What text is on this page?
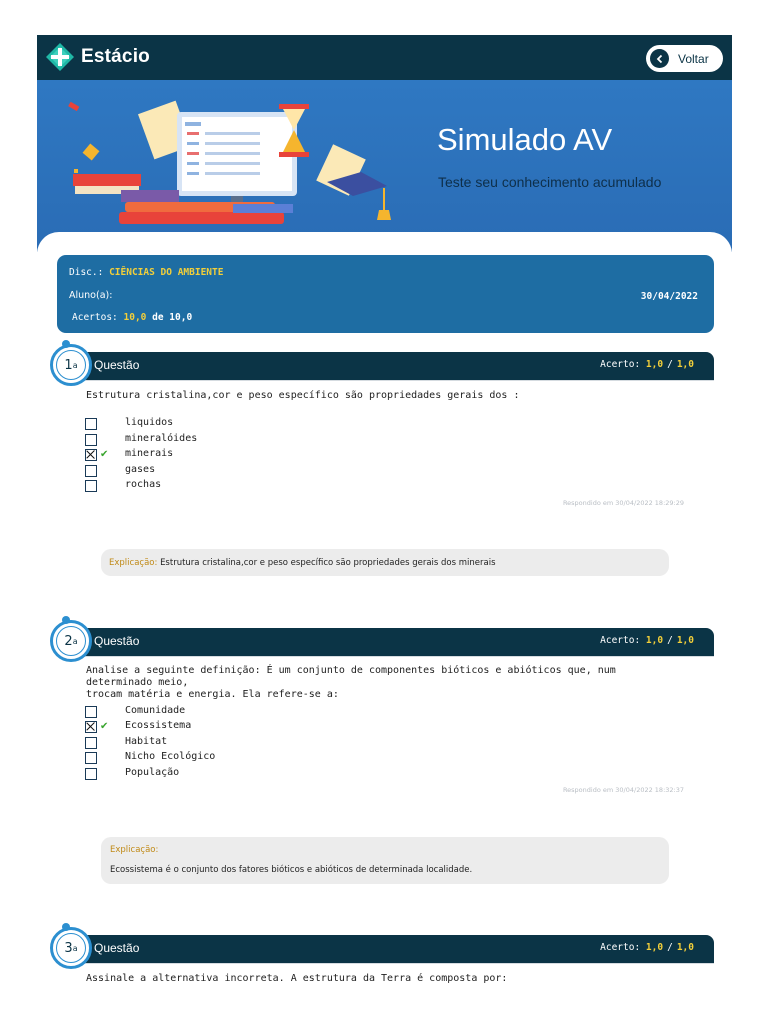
Estácio	Voltar
Simulado AV
Teste seu conhecimento acumulado
Disc.: CIÊNCIAS DO AMBIENTE
Aluno(a):	30/04/2022
Acertos: 10,0 de 10,0
Questão	Acerto: 1,0 / 1,0
1 a
Estrutura cristalina,cor e peso específico são propriedades gerais dos :
liquidos
mineralóides
✔ minerais
gases
rochas
Respondido em 30/04/2022 18:29:29
Explicação: Estrutura cristalina,cor e peso específico são propriedades gerais dos minerais
Questão	Acerto: 1,0 / 1,0
2 a
Analise a seguinte definição: É um conjunto de componentes bióticos e abióticos que, num determinado meio,
trocam matéria e energia. Ela refere-se a:
Comunidade
✔ Ecossistema
Habitat
Nicho Ecológico
População
Respondido em 30/04/2022 18:32:37
Explicação:
Ecossistema é o conjunto dos fatores bióticos e abióticos de determinada localidade.
Questão	Acerto: 1,0 / 1,0
3 a
Assinale a alternativa incorreta. A estrutura da Terra é composta por:
